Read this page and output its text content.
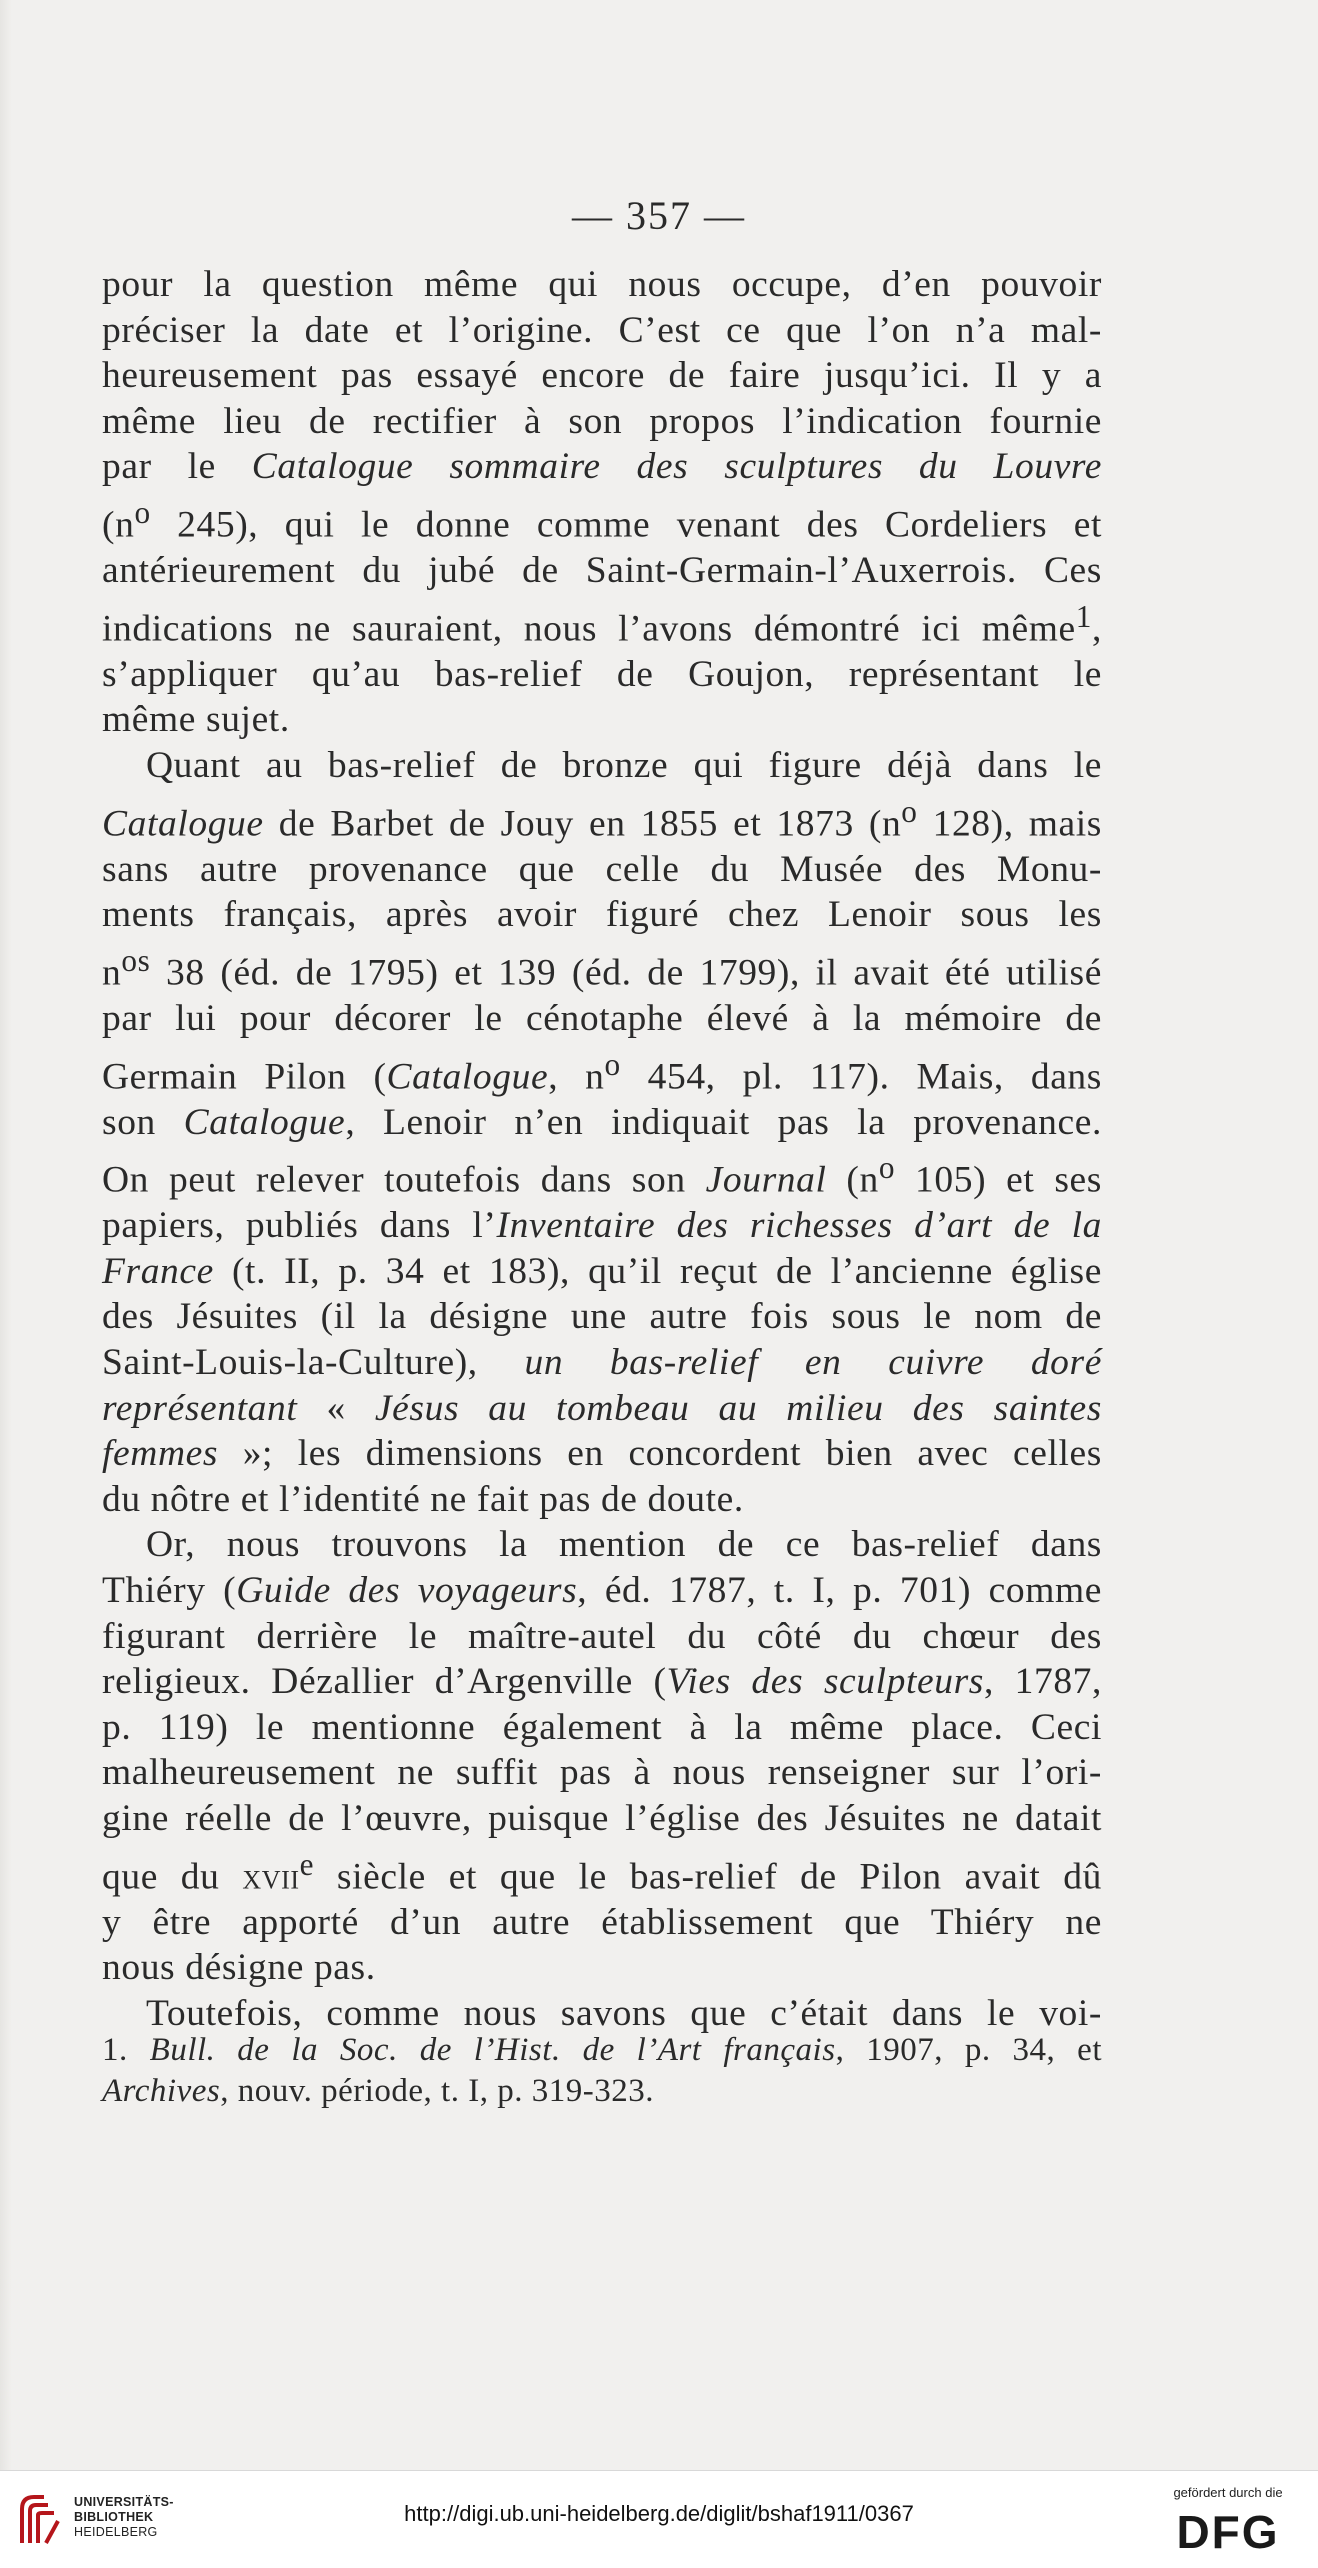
— 357 —
pour la question même qui nous occupe, d’en pouvoir
préciser la date et l’origine. C’est ce que l’on n’a mal-
heureusement pas essayé encore de faire jusqu’ici. Il y a
même lieu de rectifier à son propos l’indication fournie
par le Catalogue sommaire des sculptures du Louvre
($n^o$ 245), qui le donne comme venant des Cordeliers et
antérieurement du jubé de Saint-Germain-l’Auxerrois. Ces
indications ne sauraient, nous l’avons démontré ici même$^1$,
s’appliquer qu’au bas-relief de Goujon, représentant le
même sujet.
Quant au bas-relief de bronze qui figure déjà dans le
Catalogue de Barbet de Jouy en 1855 et 1873 ($n^o$ 128), mais
sans autre provenance que celle du Musée des Monu-
ments français, après avoir figuré chez Lenoir sous les
$n^{os}$ 38 (éd. de 1795) et 139 (éd. de 1799), il avait été utilisé
par lui pour décorer le cénotaphe élevé à la mémoire de
Germain Pilon (Catalogue, $n^o$ 454, pl. 117). Mais, dans
son Catalogue, Lenoir n’en indiquait pas la provenance.
On peut relever toutefois dans son Journal ($n^o$ 105) et ses
papiers, publiés dans l’Inventaire des richesses d’art de la
France (t. II, p. 34 et 183), qu’il reçut de l’ancienne église
des Jésuites (il la désigne une autre fois sous le nom de
Saint-Louis-la-Culture), un bas-relief en cuivre doré
représentant « Jésus au tombeau au milieu des saintes
femmes »; les dimensions en concordent bien avec celles
du nôtre et l’identité ne fait pas de doute.
Or, nous trouvons la mention de ce bas-relief dans
Thiéry (Guide des voyageurs, éd. 1787, t. I, p. 701) comme
figurant derrière le maître-autel du côté du chœur des
religieux. Dézallier d’Argenville (Vies des sculpteurs, 1787,
p. 119) le mentionne également à la même place. Ceci
malheureusement ne suffit pas à nous renseigner sur l’ori-
gine réelle de l’œuvre, puisque l’église des Jésuites ne datait
que du xvii$^e$ siècle et que le bas-relief de Pilon avait dû
y être apporté d’un autre établissement que Thiéry ne
nous désigne pas.
Toutefois, comme nous savons que c’était dans le voi-
1. Bull. de la Soc. de l’Hist. de l’Art français, 1907, p. 34, et
Archives, nouv. période, t. I, p. 319-323.
UNIVERSITÄTS-
BIBLIOTHEK
HEIDELBERG
http://digi.ub.uni-heidelberg.de/diglit/bshaf1911/0367
gefördert durch die
DFG
